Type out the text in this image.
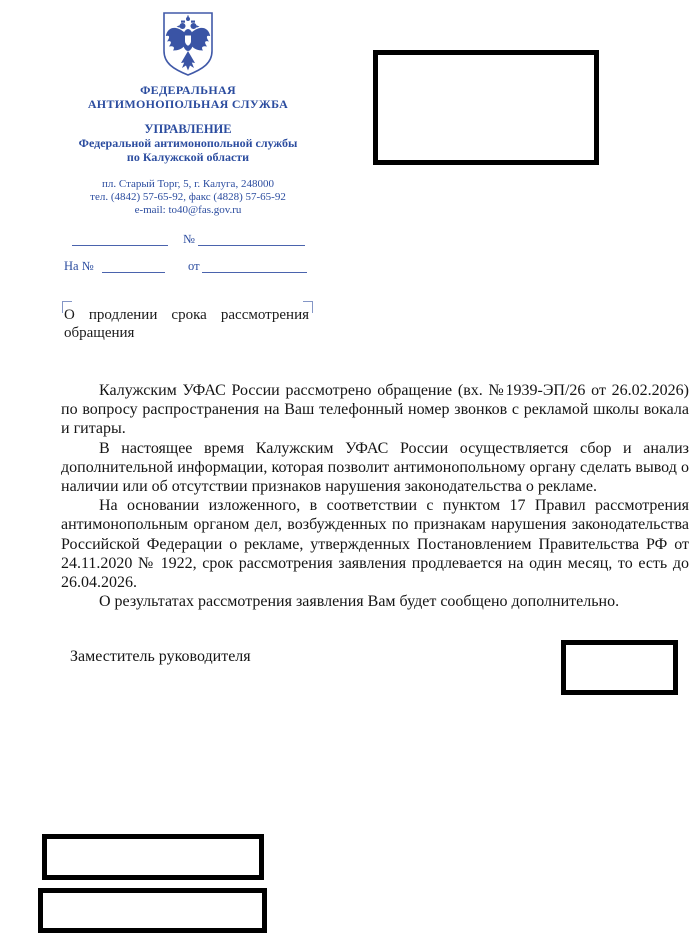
ФЕДЕРАЛЬНАЯ
АНТИМОНОПОЛЬНАЯ СЛУЖБА
УПРАВЛЕНИЕ
Федеральной антимонопольной службы
по Калужской области
пл. Старый Торг, 5, г. Калуга, 248000
тел. (4842) 57-65-92, факс (4828) 57-65-92
e-mail: to40@fas.gov.ru
№
На №	от
О продлении срока рассмотрения обращения

Калужским УФАС России рассмотрено обращение (вх. №1939-ЭП/26 от 26.02.2026) по вопросу распространения на Ваш телефонный номер звонков с рекламой школы вокала и гитары.

В настоящее время Калужским УФАС России осуществляется сбор и анализ дополнительной информации, которая позволит антимонопольному органу сделать вывод о наличии или об отсутствии признаков нарушения законодательства о рекламе.

На основании изложенного, в соответствии с пунктом 17 Правил рассмотрения антимонопольным органом дел, возбужденных по признакам нарушения законодательства Российской Федерации о рекламе, утвержденных Постановлением Правительства РФ от 24.11.2020 № 1922, срок рассмотрения заявления продлевается на один месяц, то есть до 26.04.2026.

О результатах рассмотрения заявления Вам будет сообщено дополнительно.

Заместитель руководителя
